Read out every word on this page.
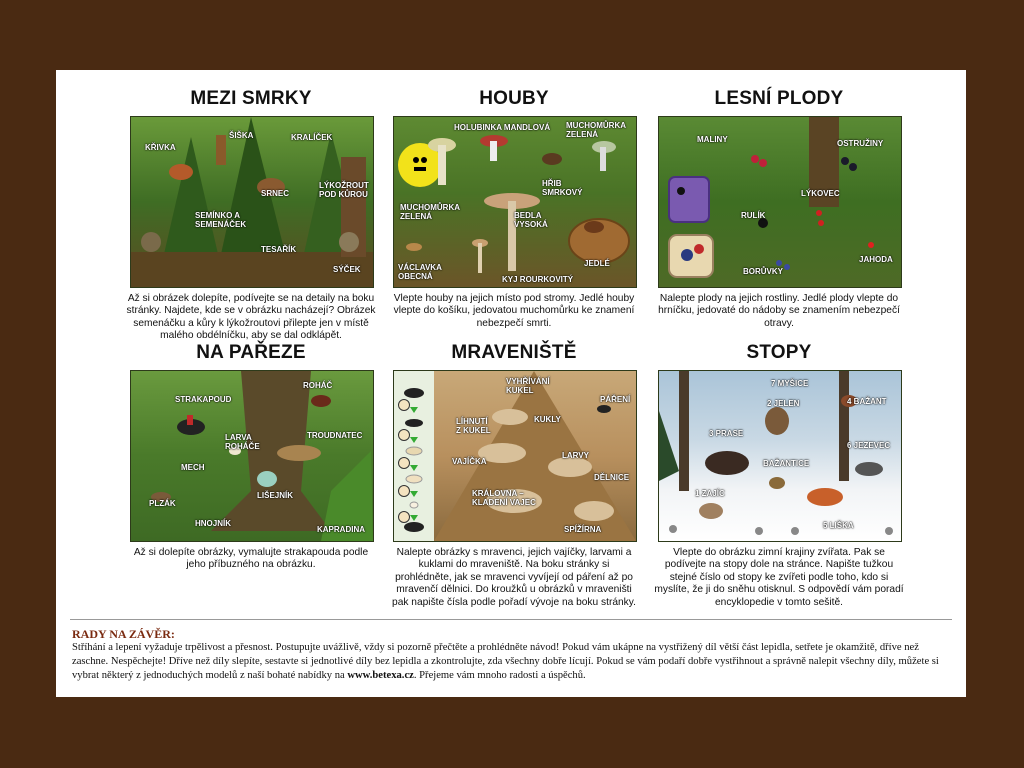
MEZI SMRKY
KŘIVKA
ŠIŠKA	KRALÍČEK
LÝKOŽROUT
POD KŮROU
SRNEC
SEMÍNKO A
SEMENÁČEK
TESAŘÍK
SÝČEK
Až si obrázek dolepíte, podívejte se na detaily na boku stránky. Najdete, kde se v obrázku nacházejí? Obrázek semenáčku a kůry k lýkožroutovi přilepte jen v místě malého obdélníčku, aby se dal odklápět.
HOUBY
HOLUBINKA MANDLOVÁ MUCHOMŮRKA
ZELENÁ
HŘIB
SMRKOVÝ
MUCHOMŮRKA
ZELENÁ	BEDLA
VYSOKÁ
VÁCLAVKA
OBECNÁ	KYJ ROURKOVITÝ
JEDLÉ
Vlepte houby na jejich místo pod stromy. Jedlé houby vlepte do košíku, jedovatou muchomůrku ke znamení nebezpečí smrti.
LESNÍ PLODY
MALINY	OSTRUŽINY
LÝKOVEC
RULÍK
BORŮVKY
JAHODA
Nalepte plody na jejich rostliny. Jedlé plody vlepte do hrníčku, jedovaté do nádoby se znamením nebezpečí otravy.
NA PAŘEZE
ROHÁČ
STRAKAPOUD
LARVA
ROHÁČE
TROUDNATEC
MECH
LIŠEJNÍK
PLZÁK
HNOJNÍK
KAPRADINA
Až si dolepíte obrázky, vymalujte strakapouda podle jeho příbuzného na obrázku.
MRAVENIŠTĚ
VYHŘÍVÁNÍ
KUKEL
PÁŘENÍ
LÍHNUTÍ
Z KUKEL
KUKLY
VAJÍČKA
LARVY
DĚLNICE
KRÁLOVNA –
KLADENÍ VAJEC
SPÍŽÍRNA
Nalepte obrázky s mravenci, jejich vajíčky, larvami a kuklami do mraveniště. Na boku stránky si prohlédněte, jak se mravenci vyvíjejí od páření až po mravenčí dělnici. Do kroužků u obrázků v mraveništi pak napište čísla podle pořadí vývoje na boku stránky.
STOPY
7 MYŠICE
2 JELEN	4 BAŽANT
3 PRASE
6 JEZEVEC
BAŽANTICE
1 ZAJÍC
5 LIŠKA
Vlepte do obrázku zimní krajiny zvířata. Pak se podívejte na stopy dole na stránce. Napište tužkou stejné číslo od stopy ke zvířeti podle toho, kdo si myslíte, že ji do sněhu otisknul. S odpovědí vám poradí encyklopedie v tomto sešitě.
RADY NA ZÁVĚR:
Stříhání a lepení vyžaduje trpělivost a přesnost. Postupujte uvážlivě, vždy si pozorně přečtěte a prohlédněte návod! Pokud vám ukápne na vystřižený díl větší část lepidla, setřete je okamžitě, dříve než zaschne. Nespěchejte! Dříve než díly slepíte, sestavte si jednotlivé díly bez lepidla a zkontrolujte, zda všechny dobře lícují. Pokud se vám podaří dobře vystřihnout a správně nalepit všechny díly, můžete si vybrat některý z jednoduchých modelů z naší bohaté nabídky na www.betexa.cz. Přejeme vám mnoho radosti a úspěchů.
